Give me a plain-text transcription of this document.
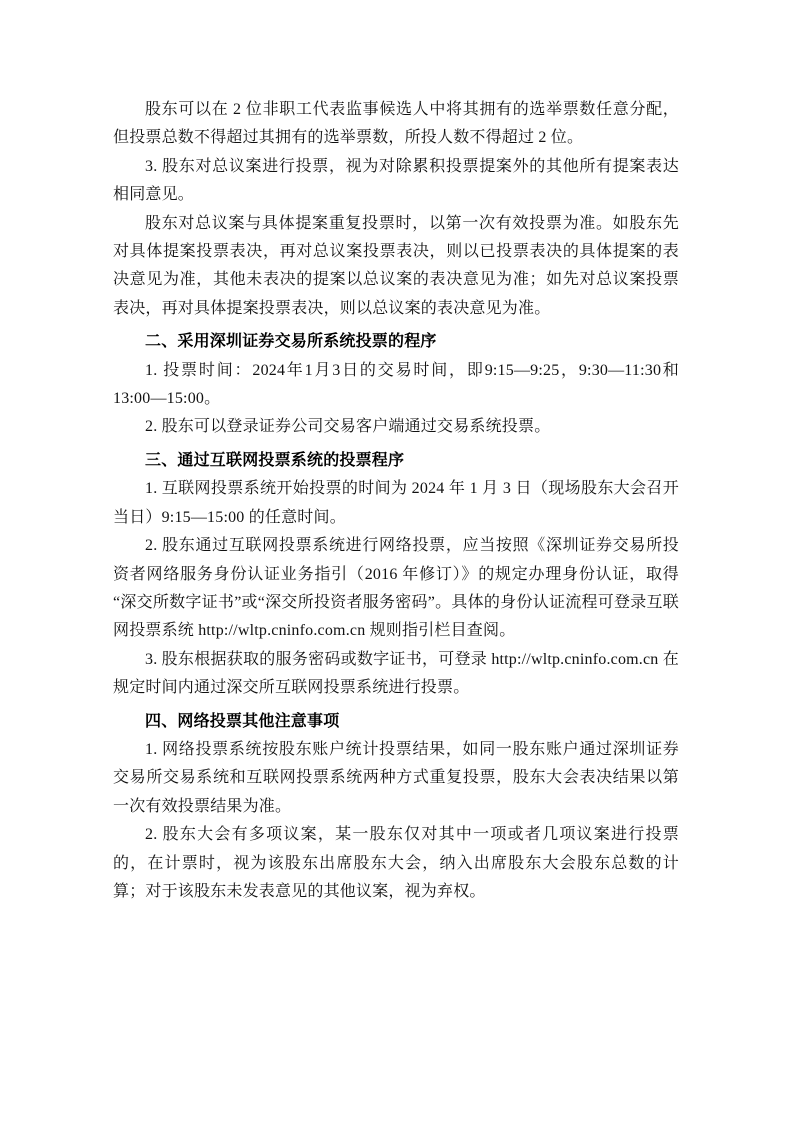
股东可以在 2 位非职工代表监事候选人中将其拥有的选举票数任意分配，但投票总数不得超过其拥有的选举票数，所投人数不得超过 2 位。

3. 股东对总议案进行投票，视为对除累积投票提案外的其他所有提案表达相同意见。

股东对总议案与具体提案重复投票时，以第一次有效投票为准。如股东先对具体提案投票表决，再对总议案投票表决，则以已投票表决的具体提案的表决意见为准，其他未表决的提案以总议案的表决意见为准；如先对总议案投票表决，再对具体提案投票表决，则以总议案的表决意见为准。

二、采用深圳证券交易所系统投票的程序

1. 投票时间：2024年1月3日的交易时间，即9:15—9:25，9:30—11:30和13:00—15:00。

2. 股东可以登录证券公司交易客户端通过交易系统投票。

三、通过互联网投票系统的投票程序

1. 互联网投票系统开始投票的时间为 2024 年 1 月 3 日（现场股东大会召开当日）9:15—15:00 的任意时间。

2. 股东通过互联网投票系统进行网络投票，应当按照《深圳证券交易所投资者网络服务身份认证业务指引（2016 年修订）》的规定办理身份认证，取得“深交所数字证书”或“深交所投资者服务密码”。具体的身份认证流程可登录互联网投票系统 http://wltp.cninfo.com.cn 规则指引栏目查阅。

3. 股东根据获取的服务密码或数字证书，可登录 http://wltp.cninfo.com.cn 在规定时间内通过深交所互联网投票系统进行投票。

四、网络投票其他注意事项

1. 网络投票系统按股东账户统计投票结果，如同一股东账户通过深圳证券交易所交易系统和互联网投票系统两种方式重复投票，股东大会表决结果以第一次有效投票结果为准。

2. 股东大会有多项议案，某一股东仅对其中一项或者几项议案进行投票的，在计票时，视为该股东出席股东大会，纳入出席股东大会股东总数的计算；对于该股东未发表意见的其他议案，视为弃权。
